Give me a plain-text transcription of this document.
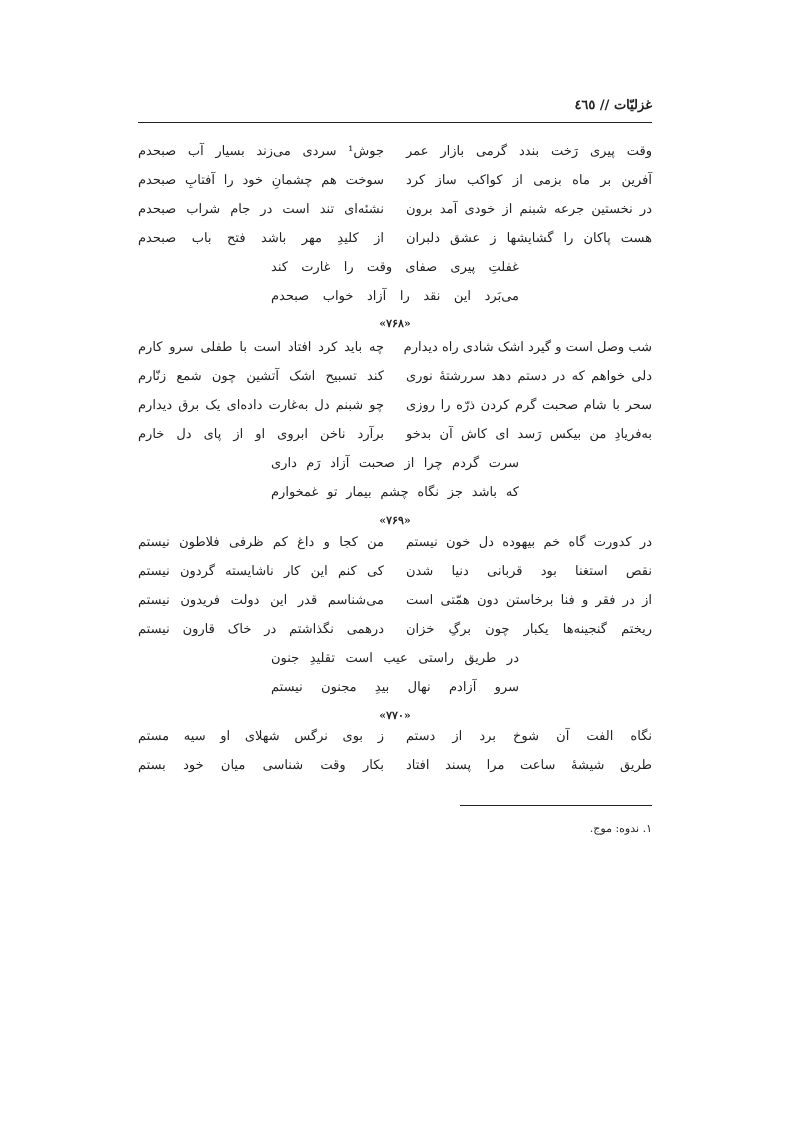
غزلیّات // ٤٦٥
وقت پیری رَخت بندد گرمی بازار عمر
جوش¹ سردی می‌زند بسیار آب صبحدم
آفرین بر ماه بزمی از کواکب ساز کرد
سوخت هم چشمانِ خود را آفتابِ صبحدم
در نخستین جرعه شبنم از خودی آمد برون
نشئه‌ای تند است در جام شراب صبحدم
هست پاکان را گشایشها ز عشق دلبران
از کلیدِ مهر باشد فتح باب صبحدم
غفلتِ پیری صفای وقت را غارت کند
می‌بَرد این نقد را آزاد خواب صبحدم
«۷۶۸»
شب وصل است و گیرد اشک شادی راه دیدارم
چه باید کرد افتاد است با طفلی سرو کارم
دلی خواهم که در دستم دهد سررشتهٔ نوری
کند تسبیح اشک آتشین چون شمع زنّارم
سحر با شام صحبت گرم کردن ذرّه را روزی
چو شبنم دل به‌غارت داده‌ای یک برق دیدارم
به‌فریادِ من بیکس رَسد ای کاش آن بدخو
برآرد ناخن ابروی او از پای دل خارم
سرت گردم چرا از صحبت آزاد رَم داری
که باشد جز نگاه چشم بیمار تو غمخوارم
«۷۶۹»
در کدورت گاه خم بیهوده دل خون نیستم
من کجا و داغ کم ظرفی فلاطون نیستم
نقص استغنا بود قربانی دنیا شدن
کی کنم این کار ناشایسته گردون نیستم
از در فقر و فنا برخاستن دون همّتی است
می‌شناسم قدر این دولت فریدون نیستم
ریختم گنجینه‌ها یکبار چون برگِ خزان
درهمی نگذاشتم در خاک قارون نیستم
در طریق راستی عیب است تقلیدِ جنون
سرو آزادم نهال بیدِ مجنون نیستم
«۷۷۰»
نگاه الفت آن شوخ برد از دستم
ز بوی نرگس شهلای او سیه مستم
طریق شیشهٔ ساعت مرا پسند افتاد
بکار وقت شناسی میان خود بستم
۱. ندوه: موج.
